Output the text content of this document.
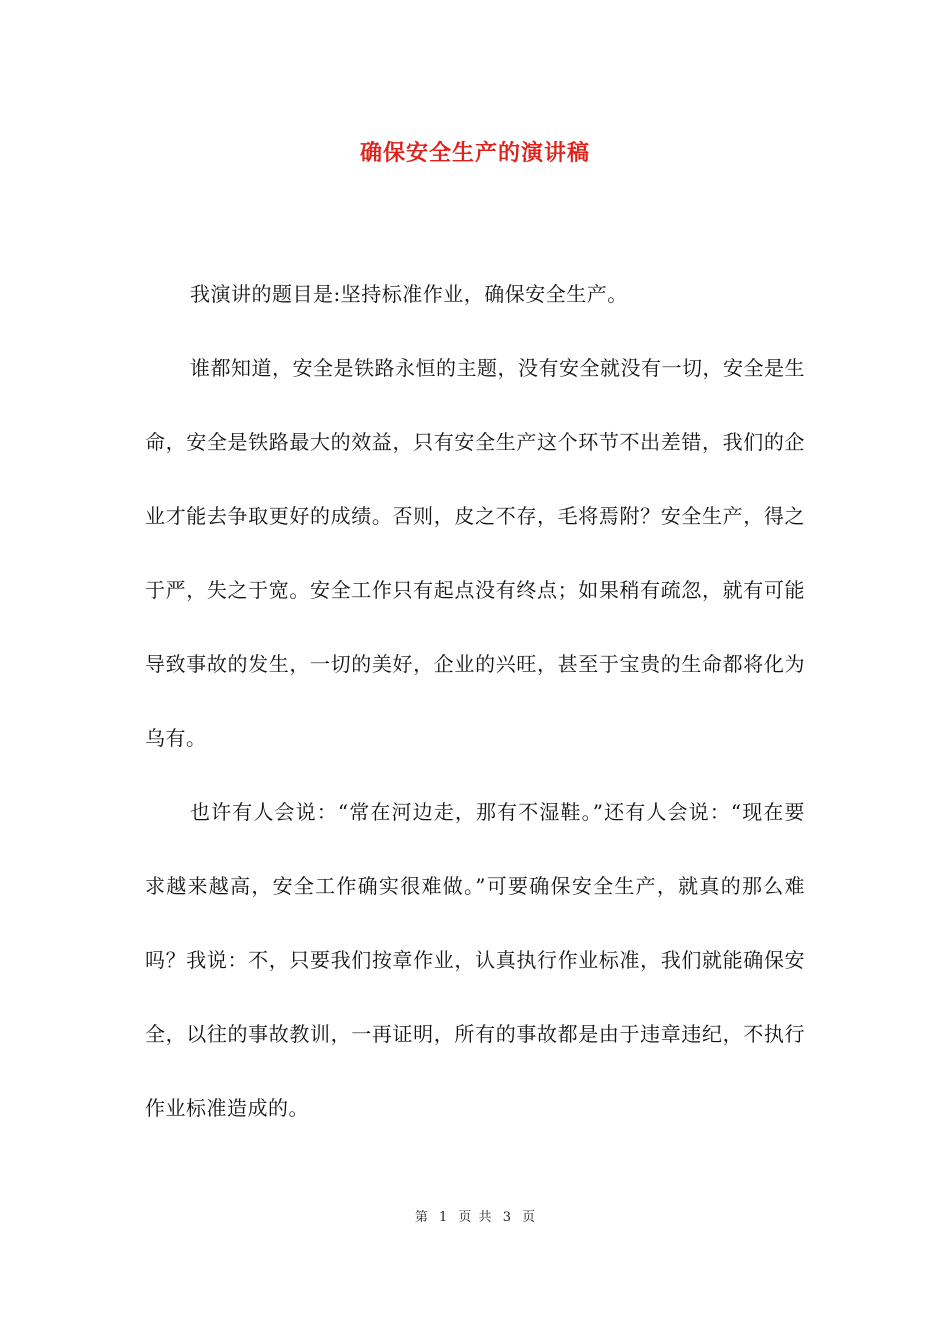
确保安全生产的演讲稿

我演讲的题目是:坚持标准作业，确保安全生产。

谁都知道，安全是铁路永恒的主题，没有安全就没有一切，安全是生命，安全是铁路最大的效益，只有安全生产这个环节不出差错，我们的企业才能去争取更好的成绩。否则，皮之不存，毛将焉附？安全生产，得之于严，失之于宽。安全工作只有起点没有终点；如果稍有疏忽，就有可能导致事故的发生，一切的美好，企业的兴旺，甚至于宝贵的生命都将化为乌有。

也许有人会说：“常在河边走，那有不湿鞋。”还有人会说：“现在要求越来越高，安全工作确实很难做。”可要确保安全生产，就真的那么难吗？我说：不，只要我们按章作业，认真执行作业标准，我们就能确保安全，以往的事故教训，一再证明，所有的事故都是由于违章违纪，不执行作业标准造成的。

第 1 页 共 3 页
